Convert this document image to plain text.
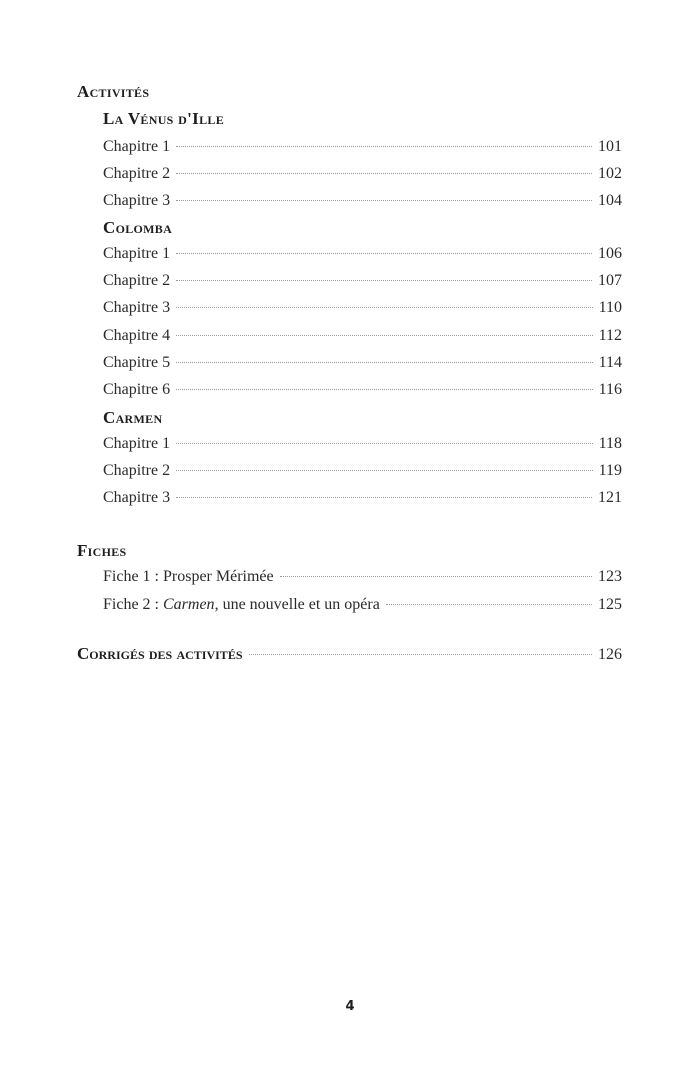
Activités
La Vénus d'Ille
Chapitre 1	101
Chapitre 2	102
Chapitre 3	104
Colomba
Chapitre 1	106
Chapitre 2	107
Chapitre 3	110
Chapitre 4	112
Chapitre 5	114
Chapitre 6	116
Carmen
Chapitre 1	118
Chapitre 2	119
Chapitre 3	121
Fiches
Fiche 1 : Prosper Mérimée	123
Fiche 2 : Carmen, une nouvelle et un opéra	125
Corrigés des activités	126
4
